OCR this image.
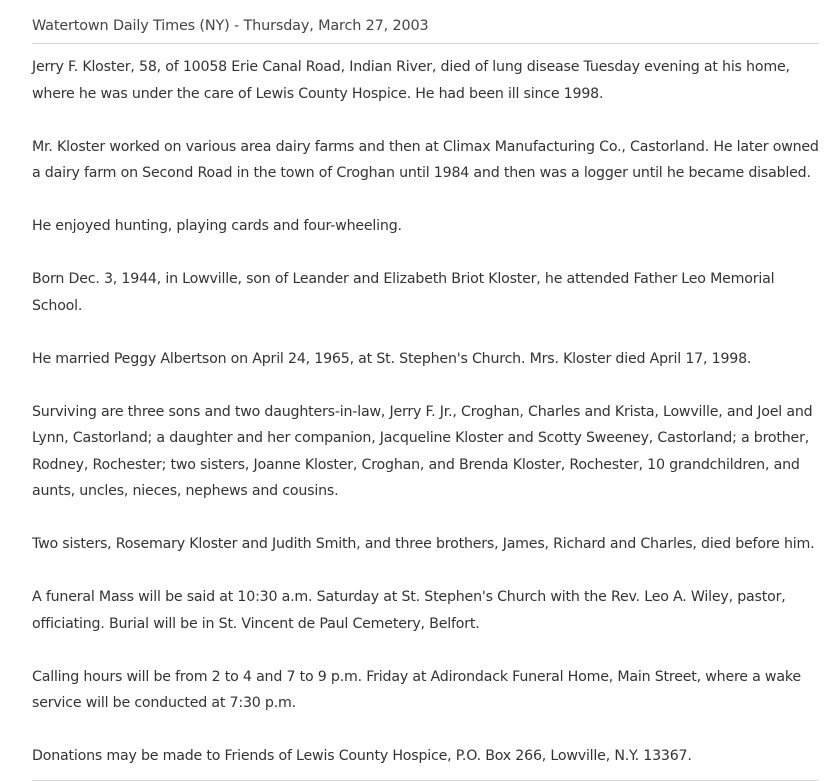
Watertown Daily Times (NY) - Thursday, March 27, 2003

Jerry F. Kloster, 58, of 10058 Erie Canal Road, Indian River, died of lung disease Tuesday evening at his home, where he was under the care of Lewis County Hospice. He had been ill since 1998.

Mr. Kloster worked on various area dairy farms and then at Climax Manufacturing Co., Castorland. He later owned a dairy farm on Second Road in the town of Croghan until 1984 and then was a logger until he became disabled.

He enjoyed hunting, playing cards and four-wheeling.

Born Dec. 3, 1944, in Lowville, son of Leander and Elizabeth Briot Kloster, he attended Father Leo Memorial School.

He married Peggy Albertson on April 24, 1965, at St. Stephen's Church. Mrs. Kloster died April 17, 1998.

Surviving are three sons and two daughters-in-law, Jerry F. Jr., Croghan, Charles and Krista, Lowville, and Joel and Lynn, Castorland; a daughter and her companion, Jacqueline Kloster and Scotty Sweeney, Castorland; a brother, Rodney, Rochester; two sisters, Joanne Kloster, Croghan, and Brenda Kloster, Rochester, 10 grandchildren, and aunts, uncles, nieces, nephews and cousins.

Two sisters, Rosemary Kloster and Judith Smith, and three brothers, James, Richard and Charles, died before him.

A funeral Mass will be said at 10:30 a.m. Saturday at St. Stephen's Church with the Rev. Leo A. Wiley, pastor, officiating. Burial will be in St. Vincent de Paul Cemetery, Belfort.

Calling hours will be from 2 to 4 and 7 to 9 p.m. Friday at Adirondack Funeral Home, Main Street, where a wake service will be conducted at 7:30 p.m.

Donations may be made to Friends of Lewis County Hospice, P.O. Box 266, Lowville, N.Y. 13367.
